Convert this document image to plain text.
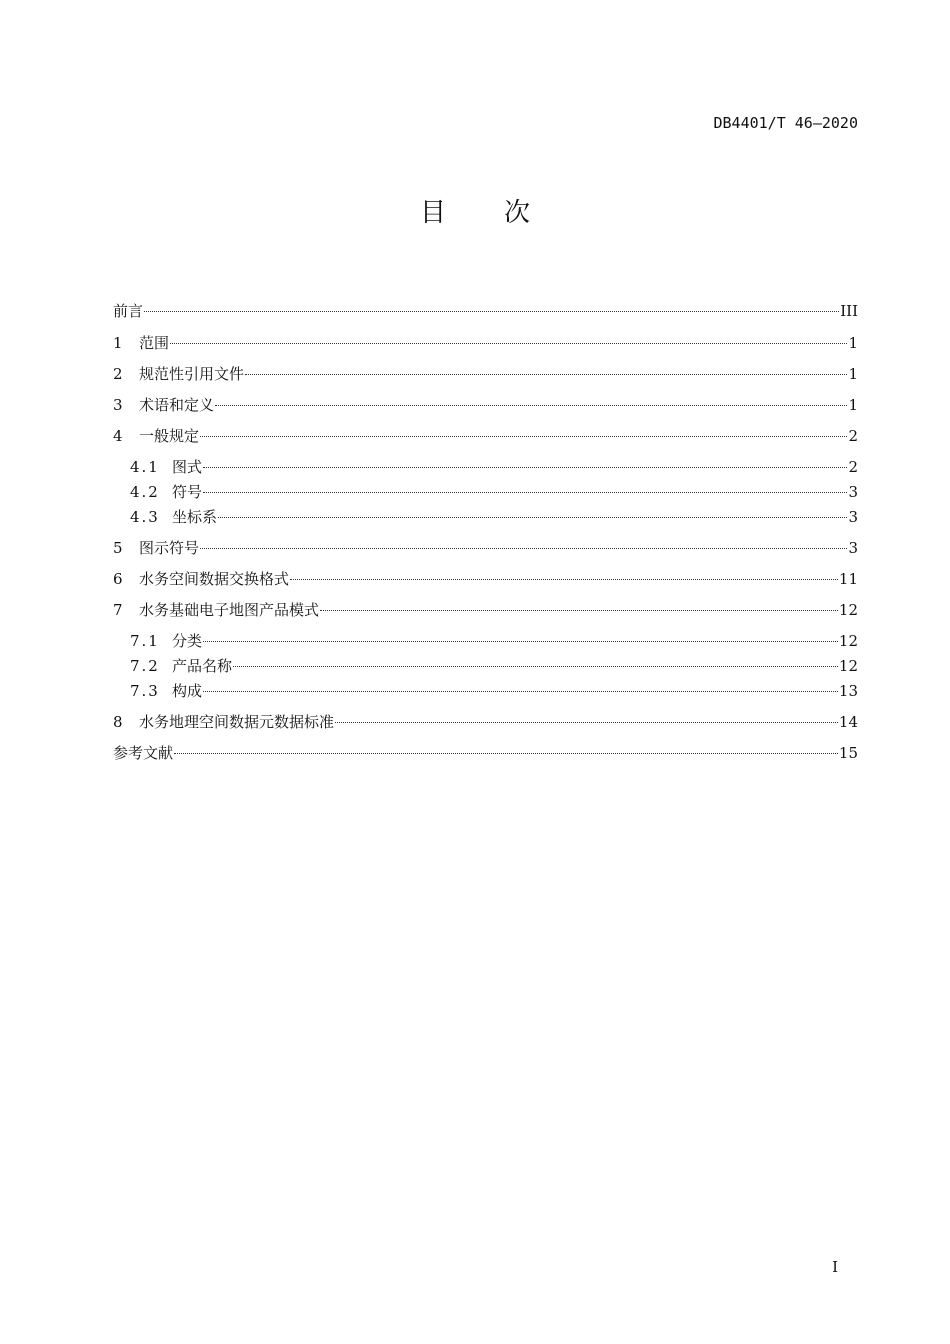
DB4401/T 46—2020
目次
前言	III
1	范围	1
2	规范性引用文件	1
3	术语和定义	1
4	一般规定	2
4.1 图式	2
4.2 符号	3
4.3 坐标系	3
5	图示符号	3
6	水务空间数据交换格式	11
7	水务基础电子地图产品模式	12
7.1 分类	12
7.2 产品名称	12
7.3 构成	13
8	水务地理空间数据元数据标准	14
参考文献	15
I
